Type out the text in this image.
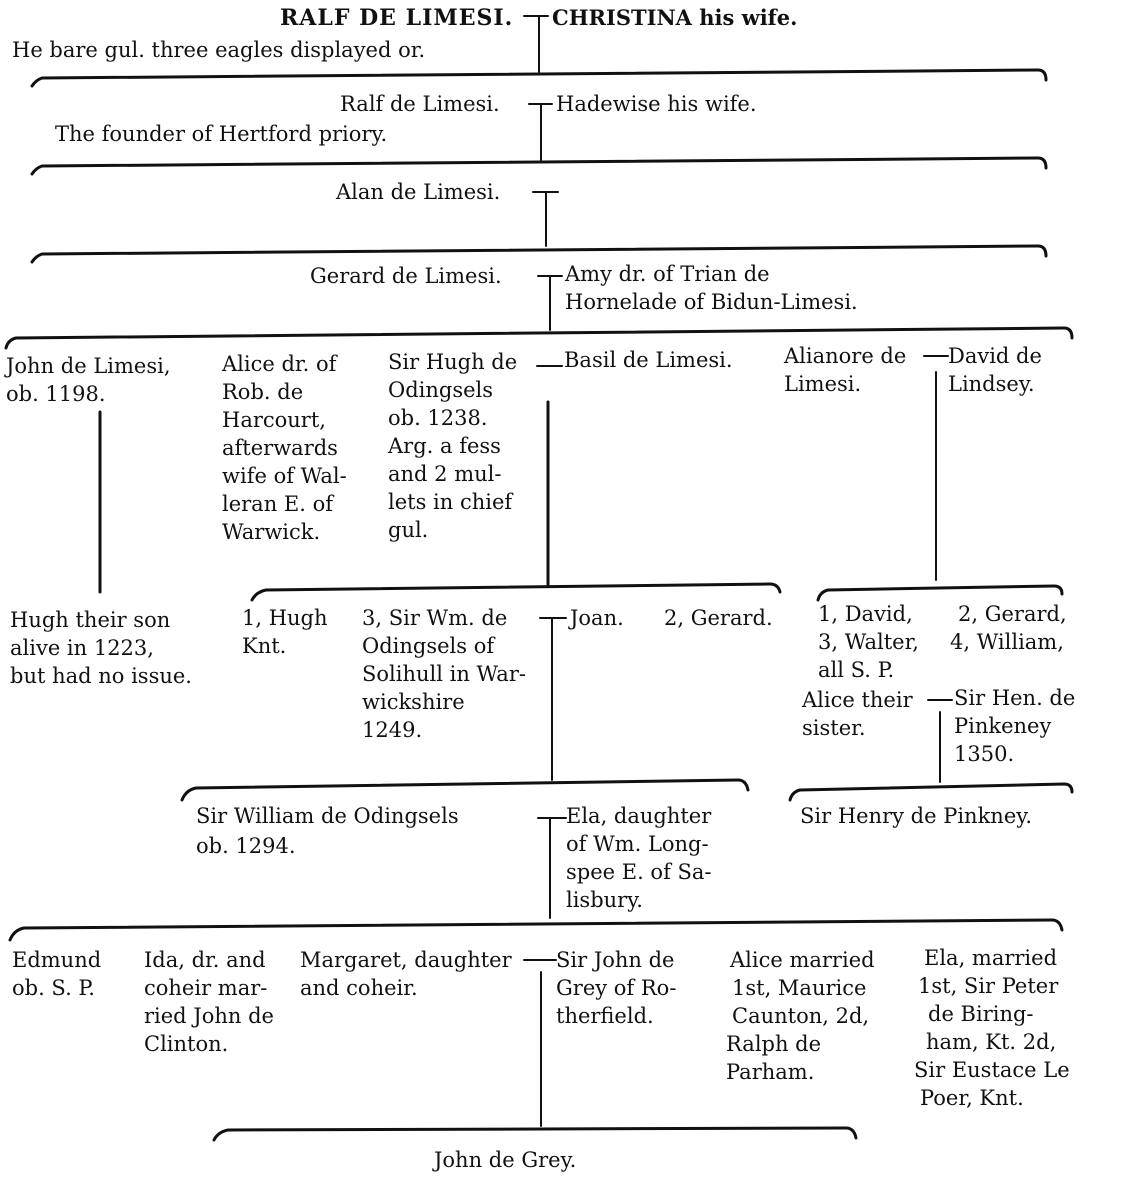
RALF DE LIMESI. CHRISTINA his wife.
He bare gul. three eagles displayed or.
Ralf de Limesi.	Hadewise his wife.
The founder of Hertford priory.
Alan de Limesi.
Gerard de Limesi.	Amy dr. of Trian de
Hornelade of Bidun-Limesi.
John de Limesi,
ob. 1198.
Alice dr. of
Rob. de
Harcourt,
afterwards
wife of Wal-
leran E. of
Warwick.
Sir Hugh de
Odingsels
ob. 1238.
Arg. a fess
and 2 mul-
lets in chief
gul.
Basil de Limesi. Alianore de
Limesi.
David de
Lindsey.
Hugh their son
alive in 1223,
but had no issue.
1, Hugh
Knt.
3, Sir Wm. de
Odingsels of
Solihull in War-
wickshire
1249.
Joan. 2, Gerard. 1, David,
3, Walter,
all S. P.
2, Gerard,
4, William,
Alice their
sister.
Sir Hen. de
Pinkeney
1350.
Sir William de Odingsels
ob. 1294.
Ela, daughter
of Wm. Long-
spee E. of Sa-
lisbury.
Sir Henry de Pinkney.
Edmund
ob. S. P.
Ida, dr. and
coheir mar-
ried John de
Clinton.
Margaret, daughter
and coheir.
Sir John de
Grey of Ro-
therfield.
Alice married
1st, Maurice
Caunton, 2d,
Ralph de
Parham.
Ela, married
1st, Sir Peter
de Biring-
ham, Kt. 2d,
Sir Eustace Le
Poer, Knt.
John de Grey.
